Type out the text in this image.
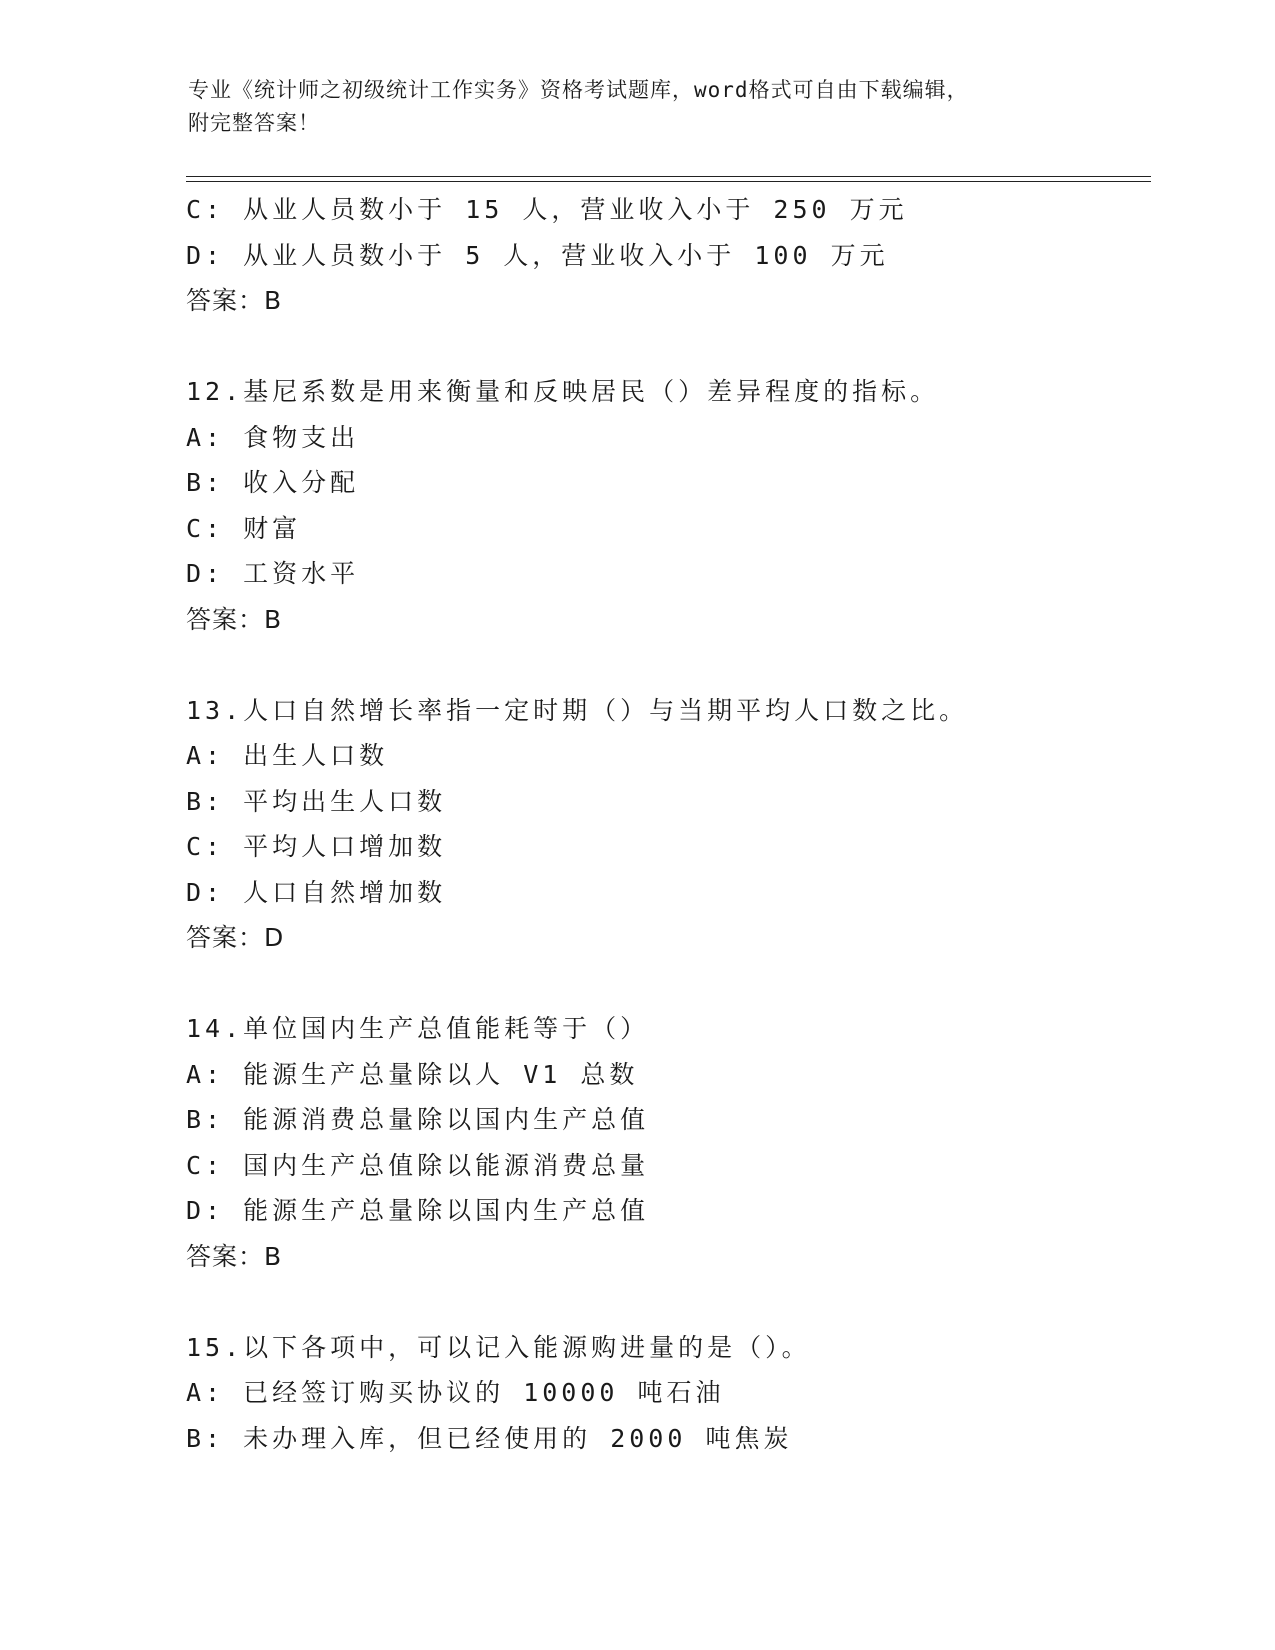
专业《统计师之初级统计工作实务》资格考试题库，word格式可自由下载编辑，
附完整答案！
C: 从业人员数小于 15 人，营业收入小于 250 万元
D: 从业人员数小于 5 人，营业收入小于 100 万元
答案：B
12.基尼系数是用来衡量和反映居民（）差异程度的指标。
A: 食物支出
B: 收入分配
C: 财富
D: 工资水平
答案：B
13.人口自然增长率指一定时期（）与当期平均人口数之比。
A: 出生人口数
B: 平均出生人口数
C: 平均人口增加数
D: 人口自然增加数
答案：D
14.单位国内生产总值能耗等于（）
A: 能源生产总量除以人 V1 总数
B: 能源消费总量除以国内生产总值
C: 国内生产总值除以能源消费总量
D: 能源生产总量除以国内生产总值
答案：B
15.以下各项中，可以记入能源购进量的是（）。
A: 已经签订购买协议的 10000 吨石油
B: 未办理入库，但已经使用的 2000 吨焦炭
